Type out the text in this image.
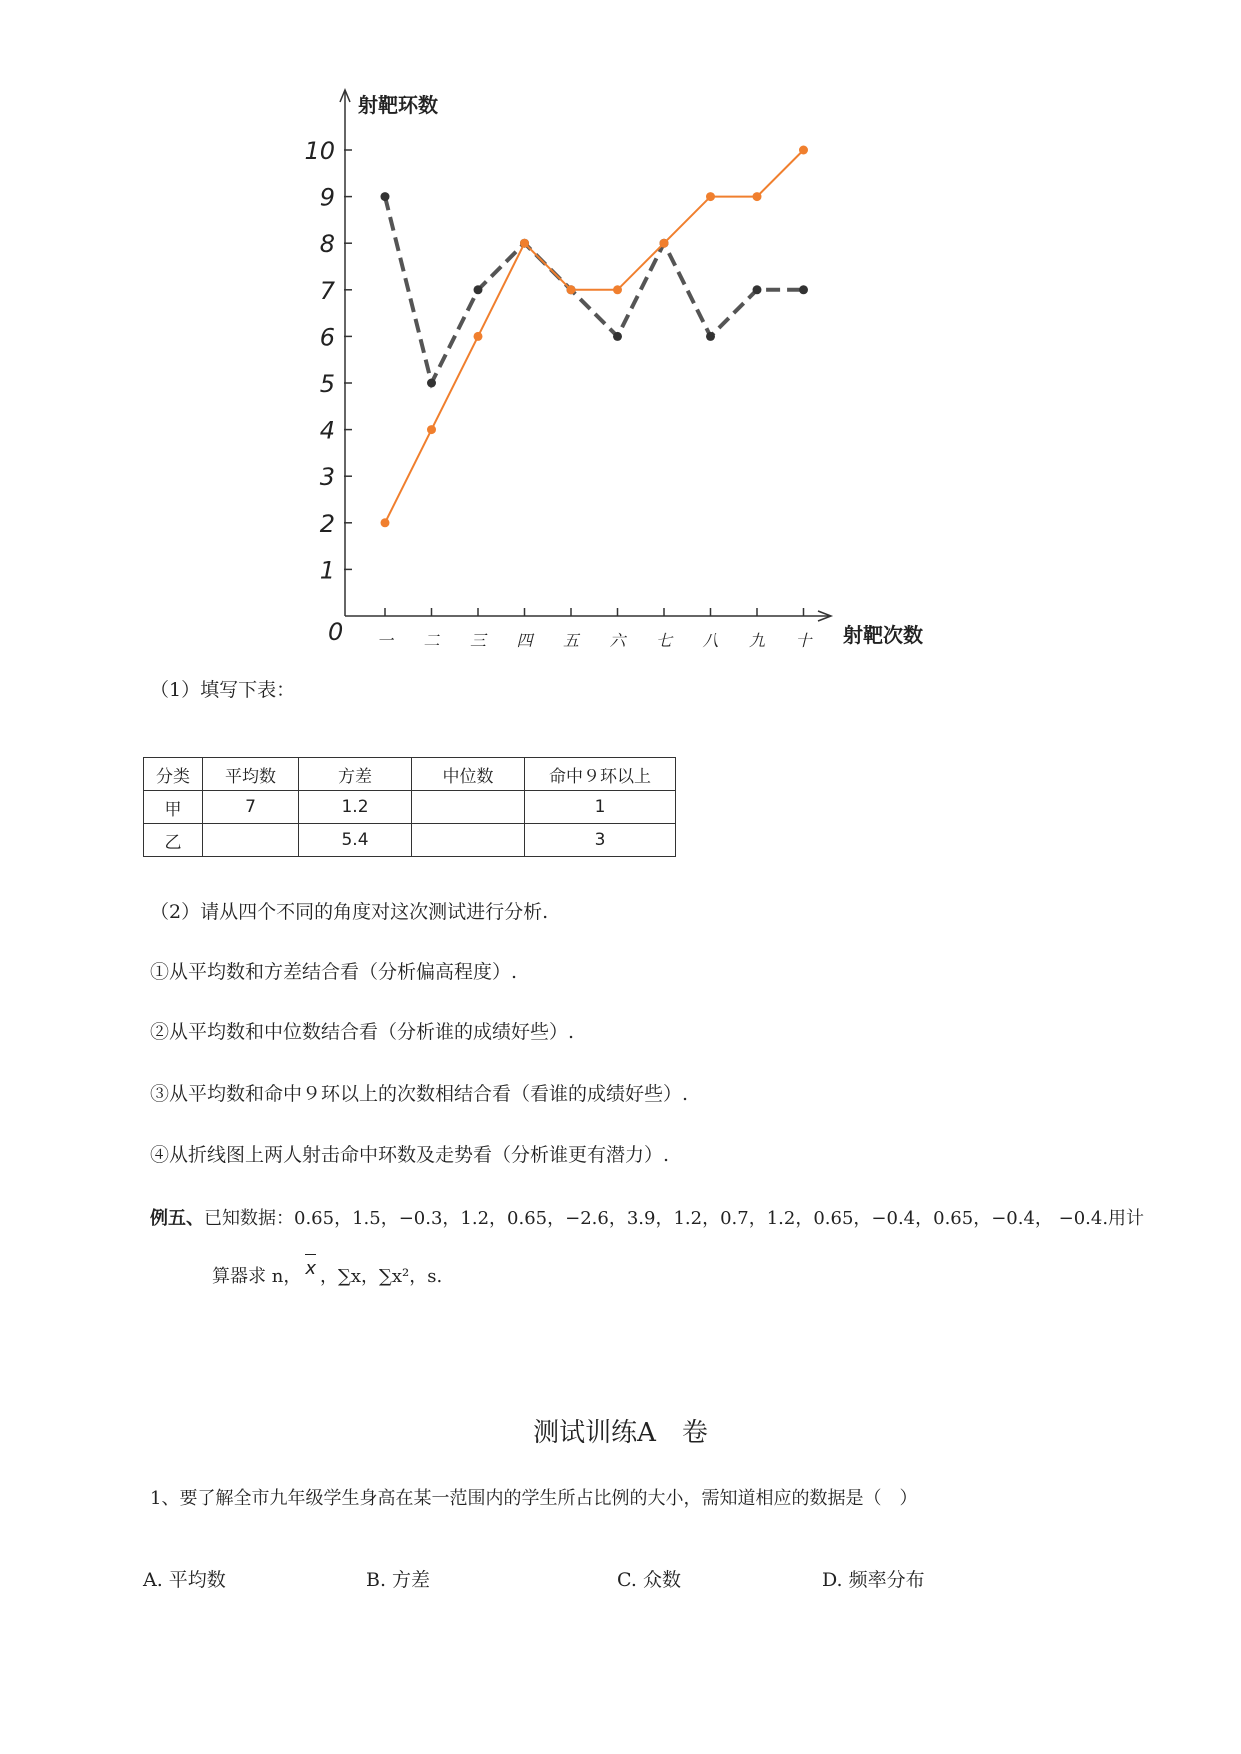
1
2
3
4
5
6
7
8
9
10
一 二 三 四 五 六 七 八 九 十
射靶环数
射靶次数
0
（1）填写下表：
分类	平均数	方差	中位数	命中９环以上
甲	7	1.2		1
乙		5.4		3
（2）请从四个不同的角度对这次测试进行分析.
①从平均数和方差结合看（分析偏高程度）.
②从平均数和中位数结合看（分析谁的成绩好些）.
③从平均数和命中９环以上的次数相结合看（看谁的成绩好些）.
④从折线图上两人射击命中环数及走势看（分析谁更有潜力）.
例五、已知数据：0.65，1.5，−0.3，1.2，0.65，−2.6，3.9，1.2，0.7，1.2，0.65，−0.4，0.65，−0.4， −0.4.用计
算器求 n， x ，∑x，∑x²，s.
测试训练A　卷
1、要了解全市九年级学生身高在某一范围内的学生所占比例的大小，需知道相应的数据是（　）
A. 平均数	B. 方差	C. 众数	D. 频率分布
